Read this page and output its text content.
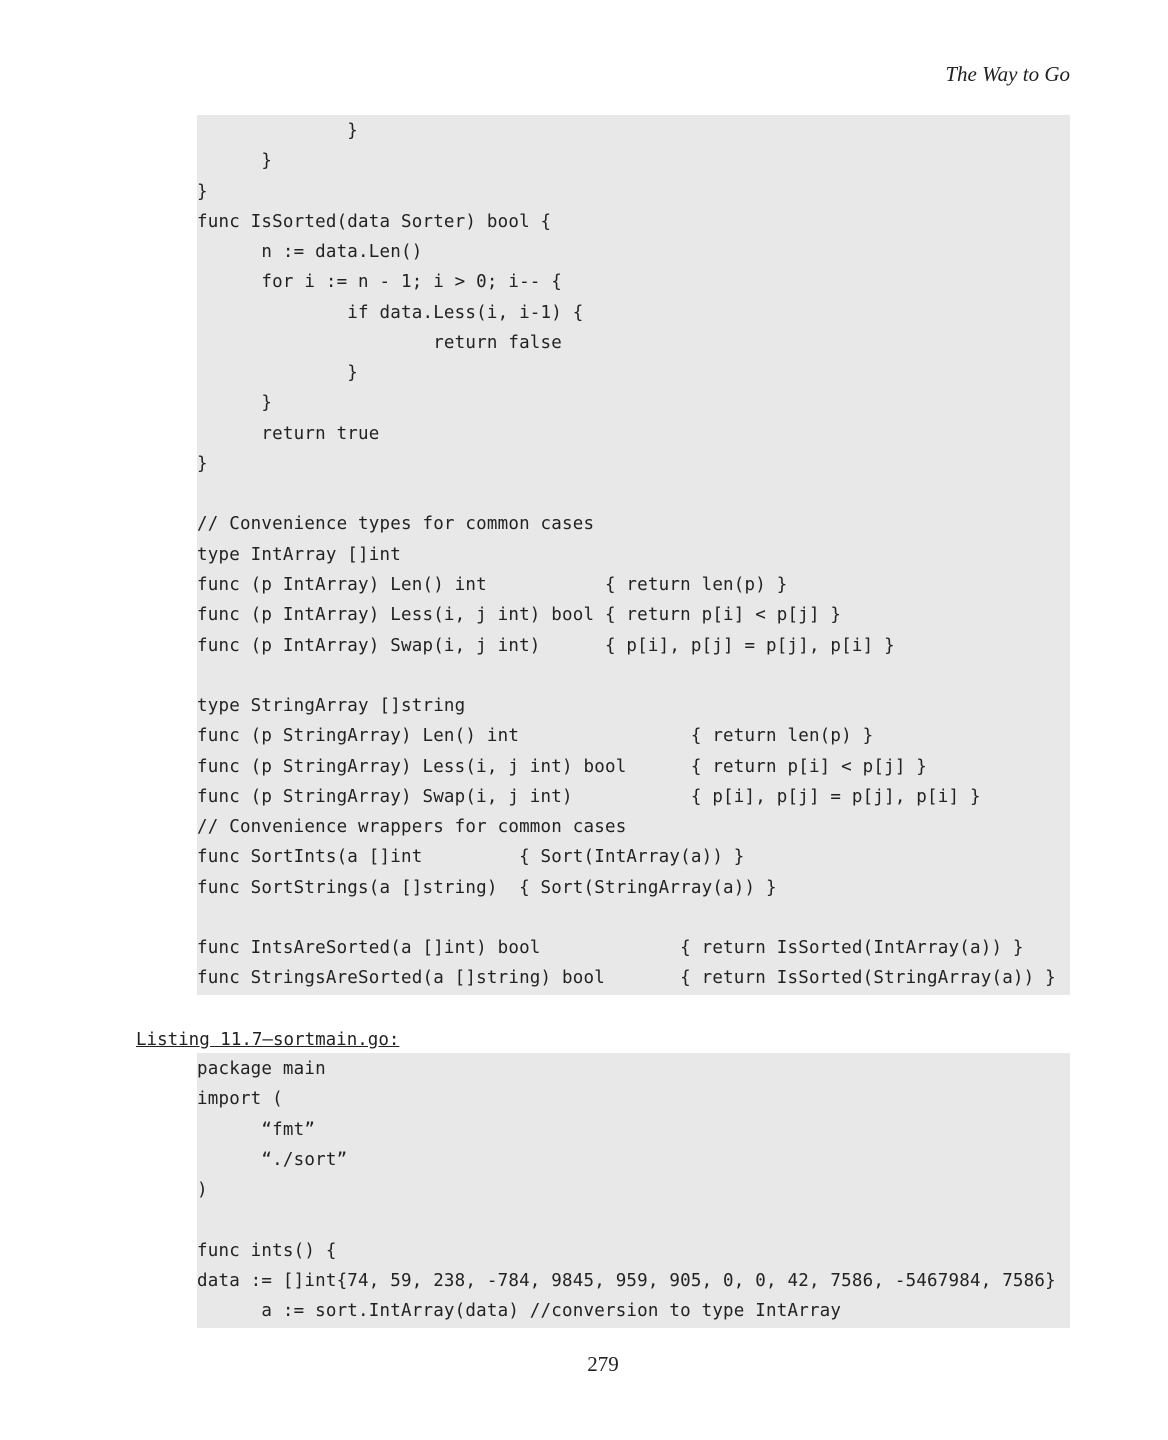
The Way to Go
}
}
}
func IsSorted(data Sorter) bool {
n := data.Len()
for i := n - 1; i > 0; i-- {
if data.Less(i, i-1) {
return false
}
}
return true
}
// Convenience types for common cases
type IntArray []int
func (p IntArray) Len() int           { return len(p) }
func (p IntArray) Less(i, j int) bool { return p[i] < p[j] }
func (p IntArray) Swap(i, j int)      { p[i], p[j] = p[j], p[i] }
type StringArray []string
func (p StringArray) Len() int                { return len(p) }
func (p StringArray) Less(i, j int) bool      { return p[i] < p[j] }
func (p StringArray) Swap(i, j int)           { p[i], p[j] = p[j], p[i] }
// Convenience wrappers for common cases
func SortInts(a []int         { Sort(IntArray(a)) }
func SortStrings(a []string)  { Sort(StringArray(a)) }
func IntsAreSorted(a []int) bool             { return IsSorted(IntArray(a)) }
func StringsAreSorted(a []string) bool       { return IsSorted(StringArray(a)) }
Listing 11.7—sortmain.go:
package main
import (
“fmt”
“./sort”
)
func ints() {
data := []int{74, 59, 238, -784, 9845, 959, 905, 0, 0, 42, 7586, -5467984, 7586}
a := sort.IntArray(data) //conversion to type IntArray
279
